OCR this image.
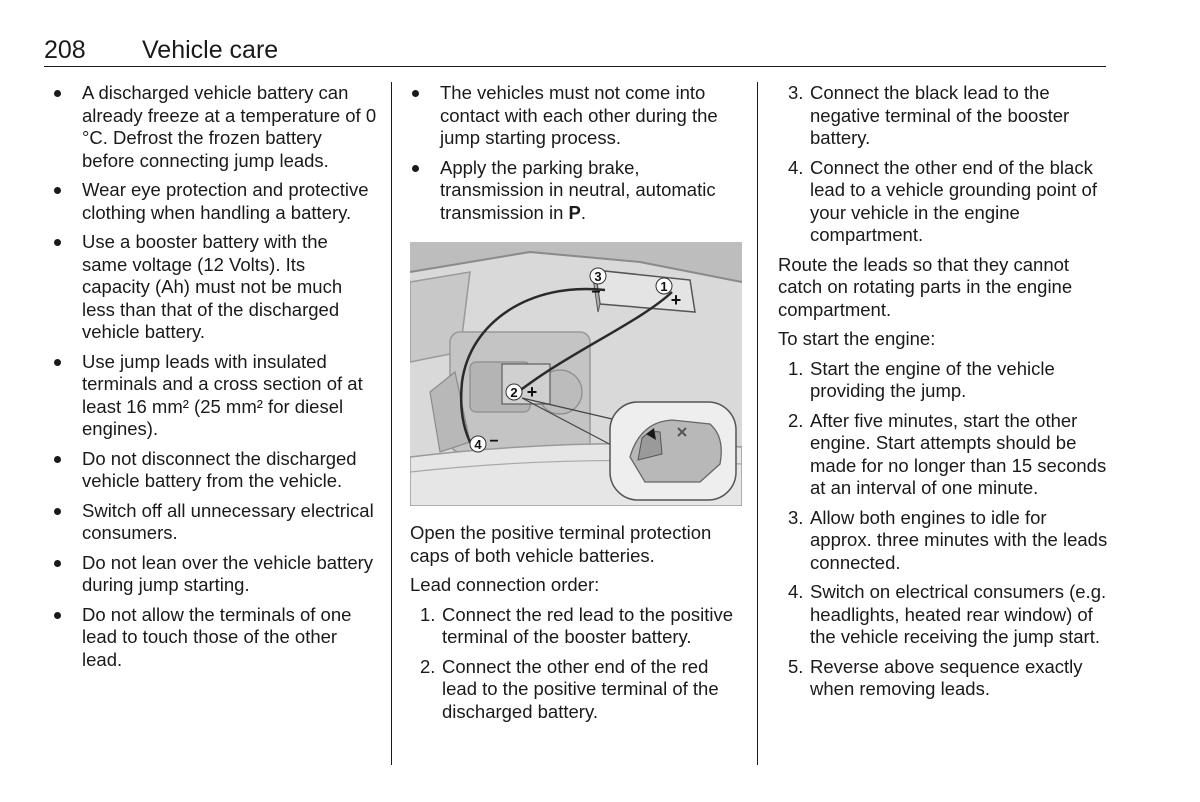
208 Vehicle care
A discharged vehicle battery can already freeze at a temperature of 0 °C. Defrost the frozen battery before connecting jump leads.
Wear eye protection and protective clothing when handling a battery.
Use a booster battery with the same voltage (12 Volts). Its capacity (Ah) must not be much less than that of the discharged vehicle battery.
Use jump leads with insulated terminals and a cross section of at least 16 mm² (25 mm² for diesel engines).
Do not disconnect the discharged vehicle battery from the vehicle.
Switch off all unnecessary electrical consumers.
Do not lean over the vehicle battery during jump starting.
Do not allow the terminals of one lead to touch those of the other lead.
The vehicles must not come into contact with each other during the jump starting process.
Apply the parking brake, transmission in neutral, automatic transmission in P.
3
−	1
+
2 +
4 −

Open the positive terminal protection caps of both vehicle batteries.

Lead connection order:

1. Connect the red lead to the positive terminal of the booster battery.
2. Connect the other end of the red lead to the positive terminal of the discharged battery.
3. Connect the black lead to the negative terminal of the booster battery.
4. Connect the other end of the black lead to a vehicle grounding point of your vehicle in the engine compartment.

Route the leads so that they cannot catch on rotating parts in the engine compartment.

To start the engine:

1. Start the engine of the vehicle providing the jump.
2. After five minutes, start the other engine. Start attempts should be made for no longer than 15 seconds at an interval of one minute.
3. Allow both engines to idle for approx. three minutes with the leads connected.
4. Switch on electrical consumers (e.g. headlights, heated rear window) of the vehicle receiving the jump start.
5. Reverse above sequence exactly when removing leads.
